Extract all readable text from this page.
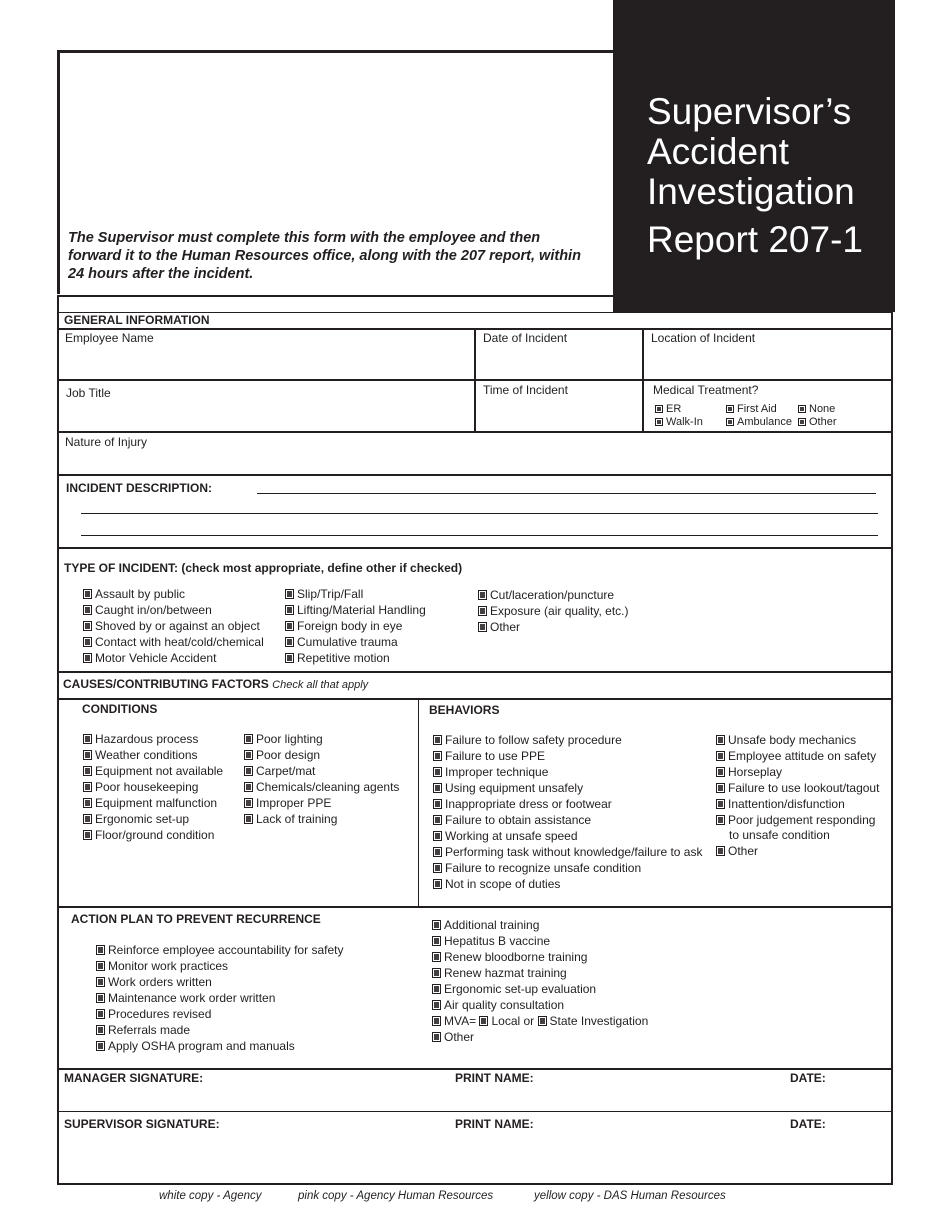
Supervisor’s
Accident
Investigation
Report 207-1
The Supervisor must complete this form with the employee and then forward it to the Human Resources office, along with the 207 report, within 24 hours after the incident.
GENERAL INFORMATION
Employee Name	Date of Incident	Location of Incident
Job Title	Time of Incident	Medical Treatment?
ER	First Aid	None
Walk-In	Ambulance	Other
Nature of Injury
INCIDENT DESCRIPTION:
TYPE OF INCIDENT: (check most appropriate, define other if checked)
Assault by public
Caught in/on/between
Shoved by or against an object
Contact with heat/cold/chemical
Motor Vehicle Accident
Slip/Trip/Fall
Lifting/Material Handling
Foreign body in eye
Cumulative trauma
Repetitive motion
Cut/laceration/puncture
Exposure (air quality, etc.)
Other
CAUSES/CONTRIBUTING FACTORS Check all that apply
CONDITIONS	BEHAVIORS
Hazardous process
Weather conditions
Equipment not available
Poor housekeeping
Equipment malfunction
Ergonomic set-up
Floor/ground condition
Poor lighting
Poor design
Carpet/mat
Chemicals/cleaning agents
Improper PPE
Lack of training
Failure to follow safety procedure
Failure to use PPE
Improper technique
Using equipment unsafely
Inappropriate dress or footwear
Failure to obtain assistance
Working at unsafe speed
Performing task without knowledge/failure to ask
Failure to recognize unsafe condition
Not in scope of duties
Unsafe body mechanics
Employee attitude on safety
Horseplay
Failure to use lookout/tagout
Inattention/disfunction
Poor judgement responding
to unsafe condition
Other
ACTION PLAN TO PREVENT RECURRENCE
Reinforce employee accountability for safety
Monitor work practices
Work orders written
Maintenance work order written
Procedures revised
Referrals made
Apply OSHA program and manuals
Additional training
Hepatitus B vaccine
Renew bloodborne training
Renew hazmat training
Ergonomic set-up evaluation
Air quality consultation
MVA= Local or State Investigation
Other
MANAGER SIGNATURE:	PRINT NAME:	DATE:
SUPERVISOR SIGNATURE:	PRINT NAME:	DATE:
white copy - Agency	pink copy - Agency Human Resources	yellow copy - DAS Human Resources
